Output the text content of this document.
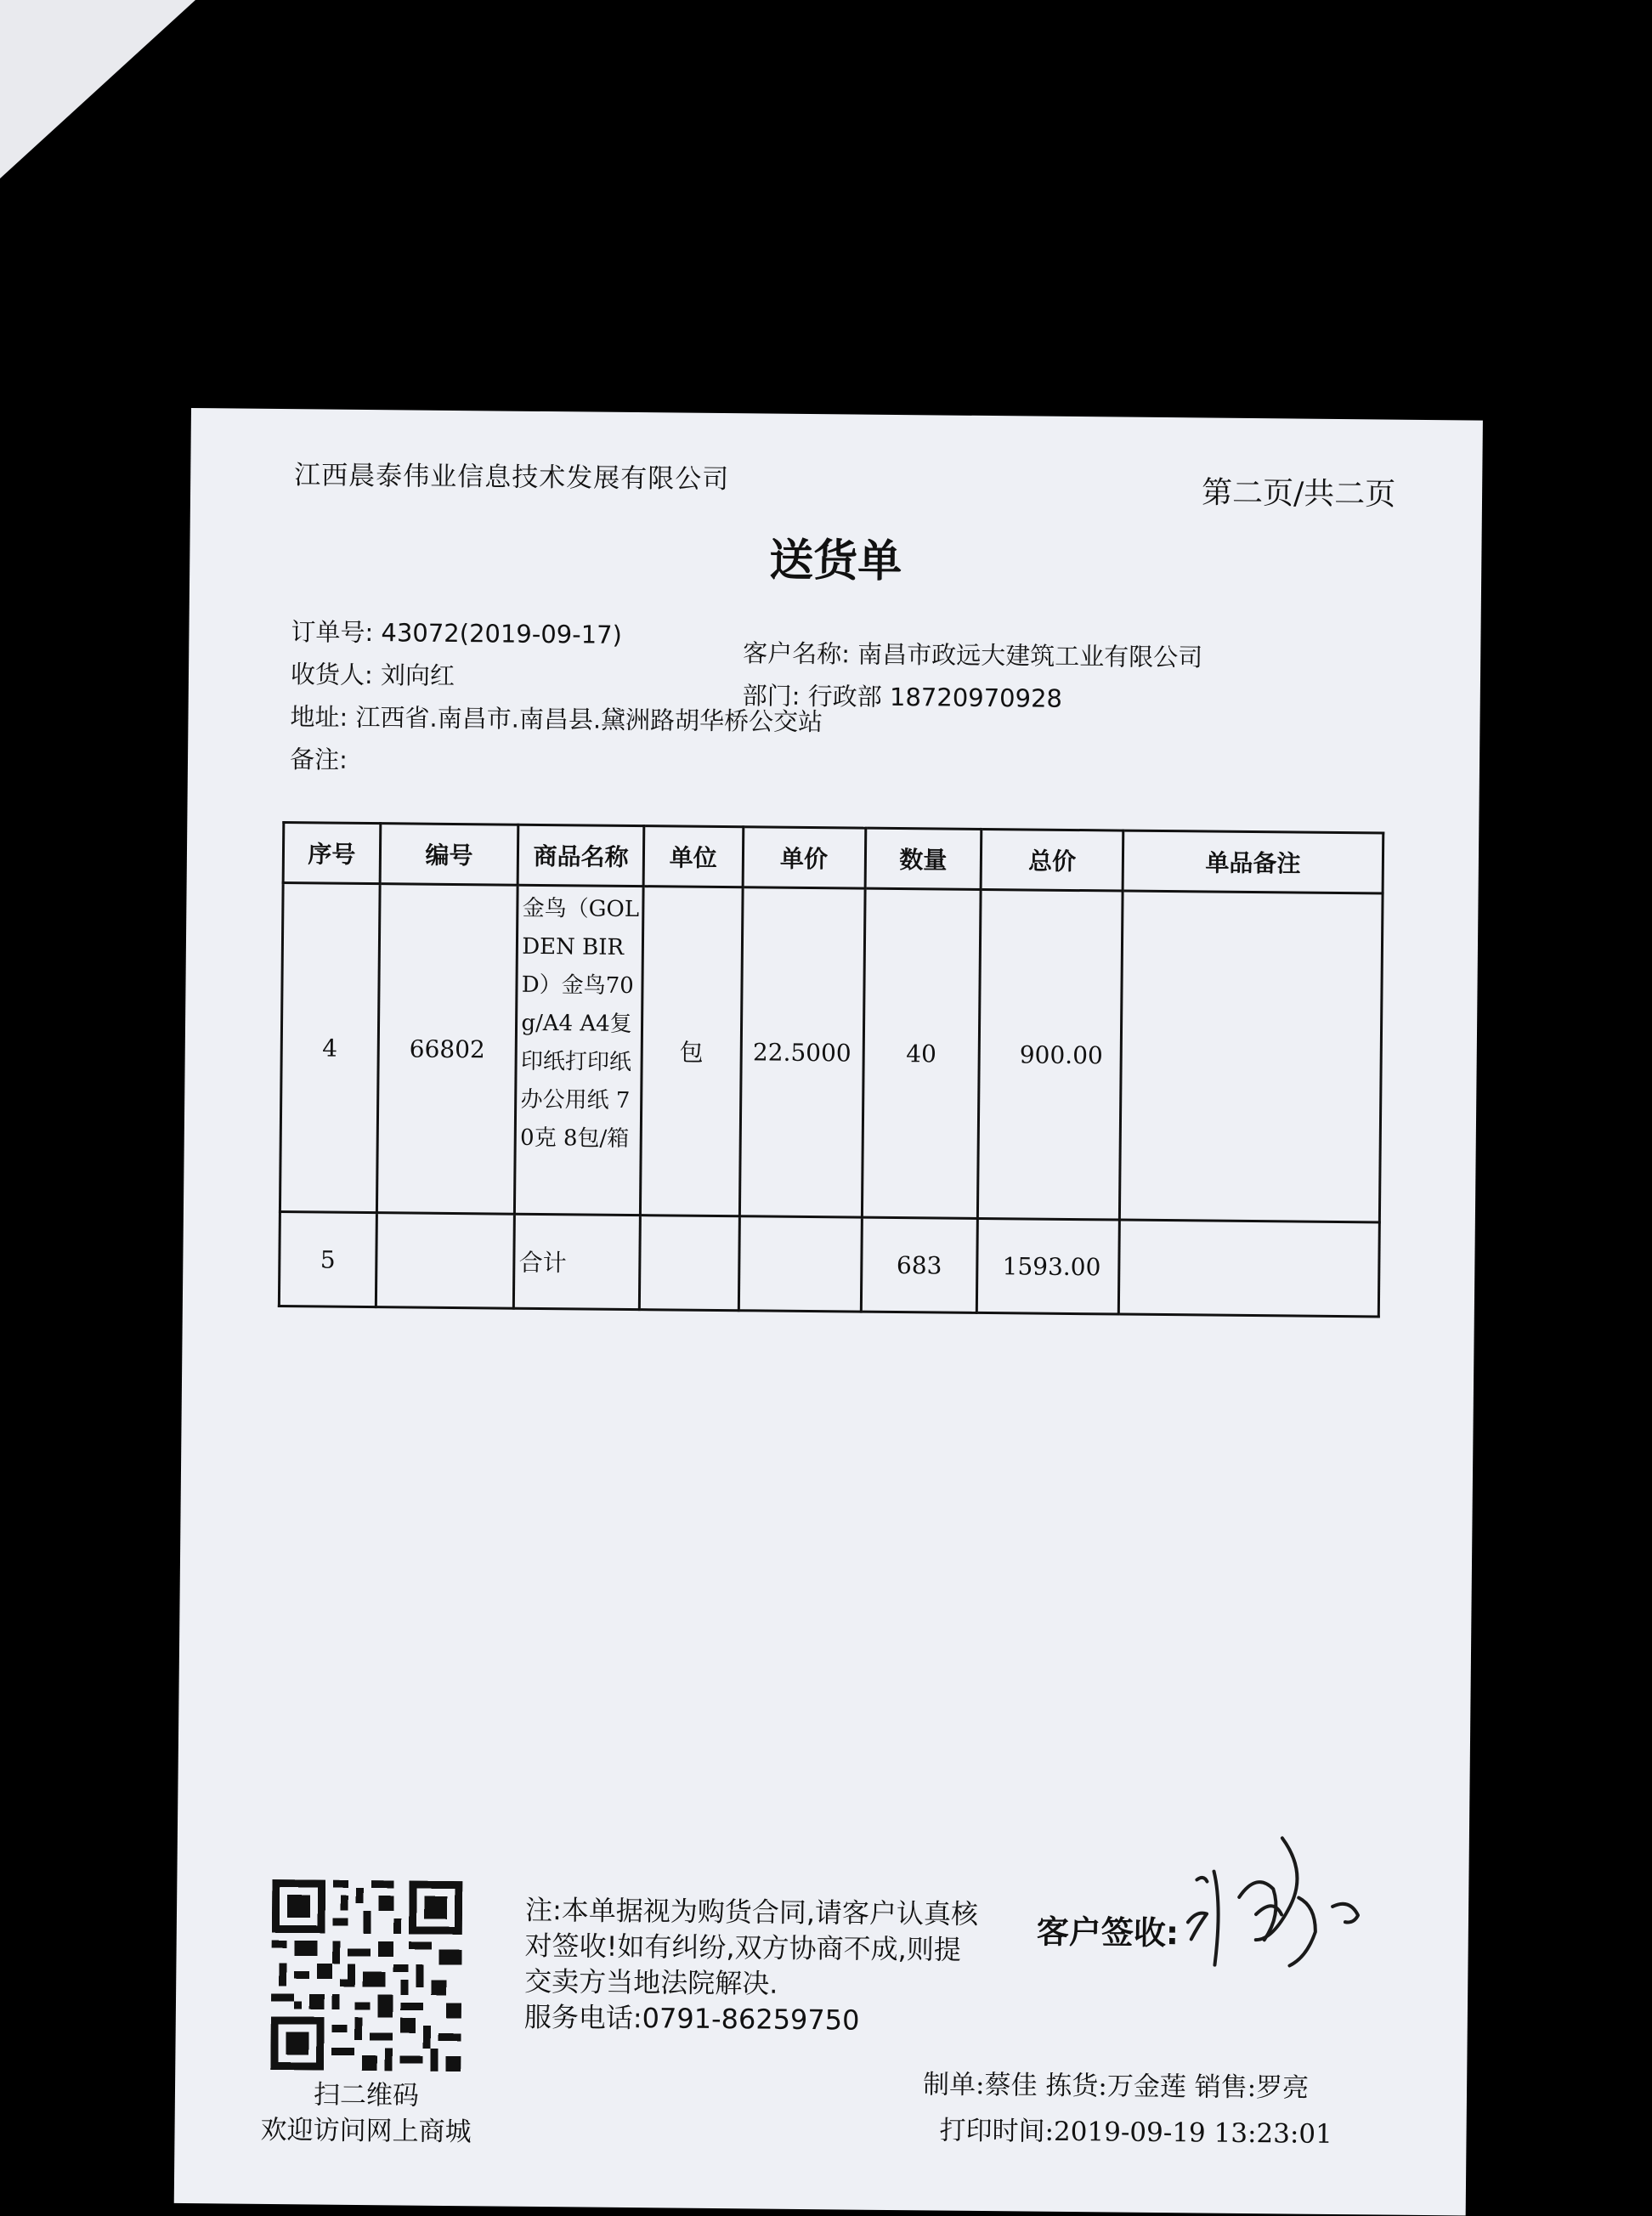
江西晨泰伟业信息技术发展有限公司	第二页/共二页
送货单
订单号: 43072(2019-09-17)
收货人: 刘向红
地址: 江西省.南昌市.南昌县.黛洲路胡华桥公交站
备注:
客户名称: 南昌市政远大建筑工业有限公司
部门: 行政部 18720970928
序号	编号	商品名称	单位	单价	数量	总价	单品备注
4	66802	金鸟（GOLDEN BIRD）金鸟70g/A4 A4复印纸打印纸办公用纸 70克 8包/箱	包	22.5000	40	900.00	
5		合计			683	1593.00	
扫二维码
欢迎访问网上商城
注:本单据视为购货合同,请客户认真核
对签收!如有纠纷,双方协商不成,则提
交卖方当地法院解决.
服务电话:0791-86259750
客户签收:
制单:蔡佳 拣货:万金莲 销售:罗亮
打印时间:2019-09-19 13:23:01
